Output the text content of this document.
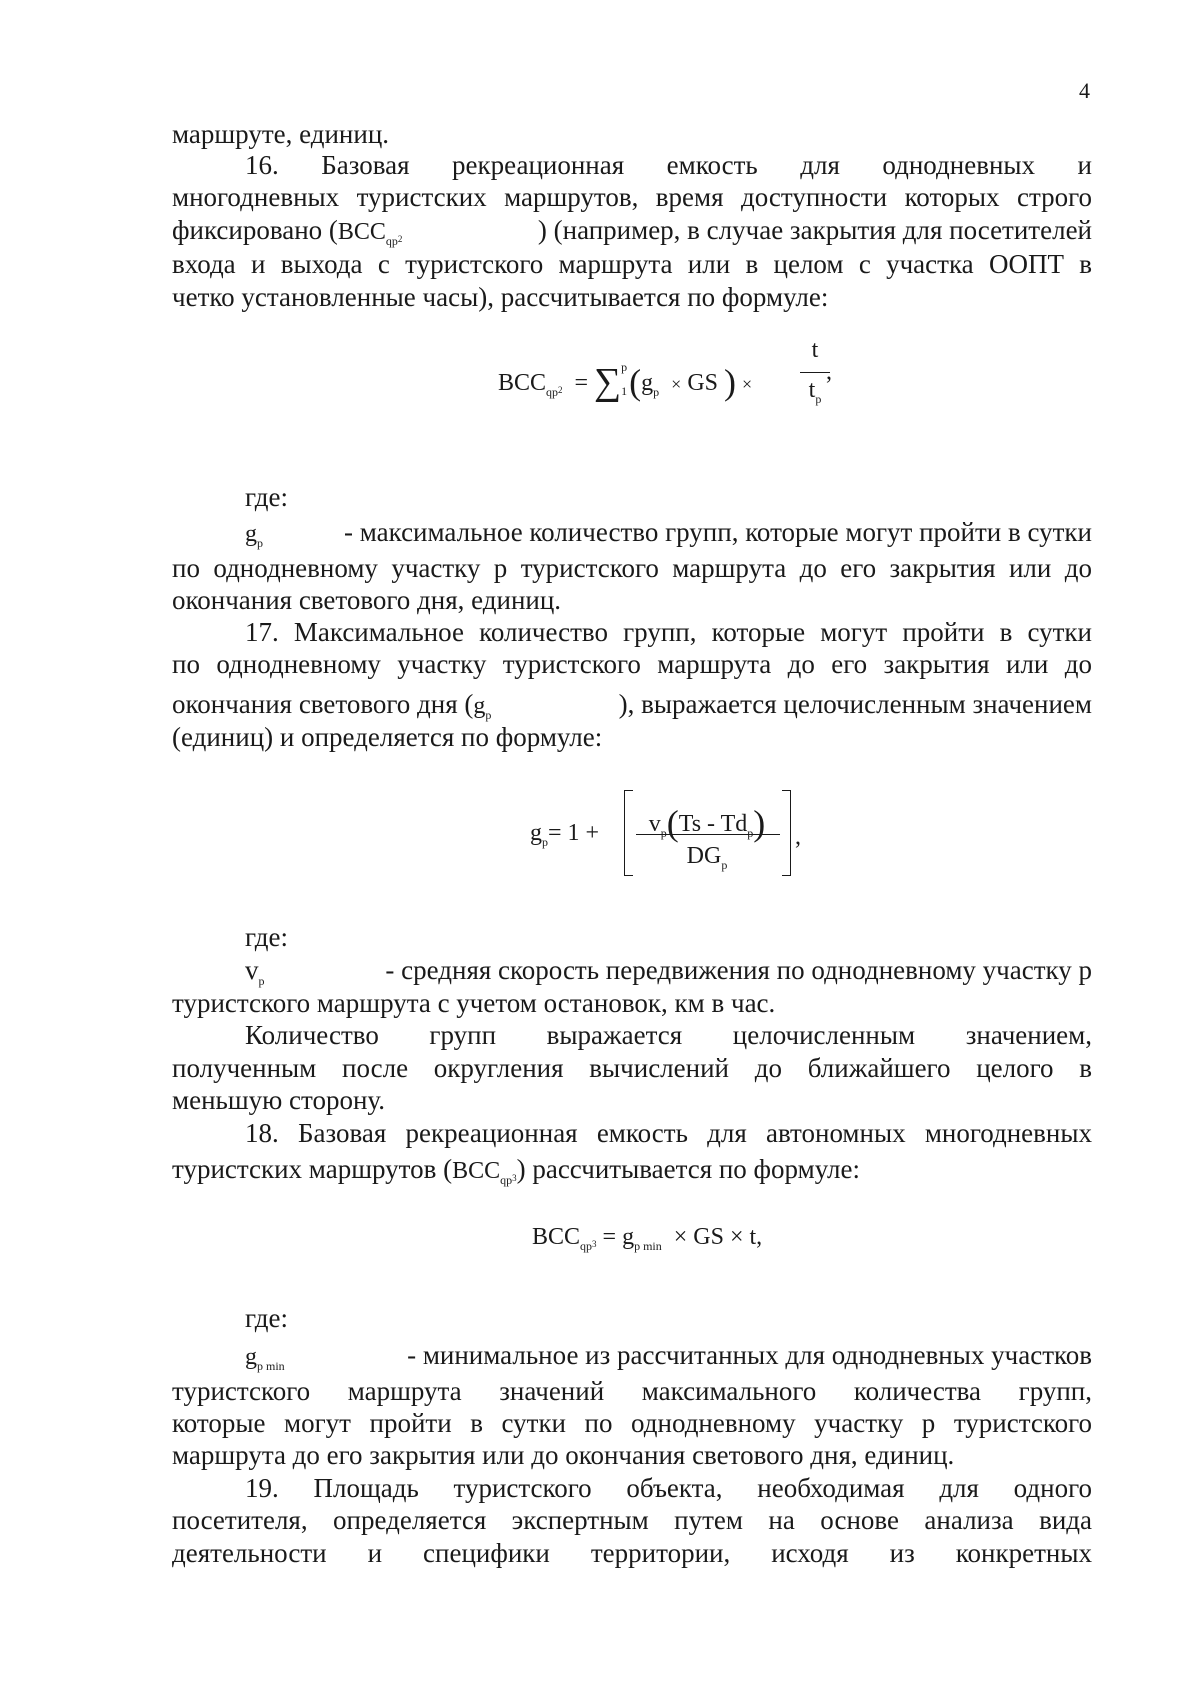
4
маршруте, единиц.
16. Базовая рекреационная емкость для однодневных и
многодневных туристских маршрутов, время доступности которых строго
фиксировано ($BCC_{qp}2$	) (например, в случае закрытия для посетителей
входа и выхода с туристского маршрута или в целом с участка ООПТ в
четко установленные часы), рассчитывается по формуле:
$BCC_{qp}2$ = ∑ p
1 ($g_p$ × GS ) ×
t
$t_p$
,
где:
$g_p$	- максимальное количество групп, которые могут пройти в сутки
по однодневному участку p туристского маршрута до его закрытия или до
окончания светового дня, единиц.
17. Максимальное количество групп, которые могут пройти в сутки
по однодневному участку туристского маршрута до его закрытия или до
окончания светового дня ($g_p$	), выражается целочисленным значением
(единиц) и определяется по формуле:
$g_p= 1$ +	$v_p(Ts - Td_p)$
$DG_p$
,
где:
$v_p$	- средняя скорость передвижения по однодневному участку p
туристского маршрута с учетом остановок, км в час.
Количество групп выражается целочисленным значением,
полученным после округления вычислений до ближайшего целого в
меньшую сторону.
18. Базовая рекреационная емкость для автономных многодневных
туристских маршрутов $(BCC_{qp}3)$ рассчитывается по формуле:
$BCC_{qp}3 = g_{p min}$ × GS × t,
где:
$g_{p min}$	- минимальное из рассчитанных для однодневных участков
туристского маршрута значений максимального количества групп,
которые могут пройти в сутки по однодневному участку p туристского
маршрута до его закрытия или до окончания светового дня, единиц.
19. Площадь туристского объекта, необходимая для одного
посетителя, определяется экспертным путем на основе анализа вида
деятельности и специфики территории, исходя из конкретных
